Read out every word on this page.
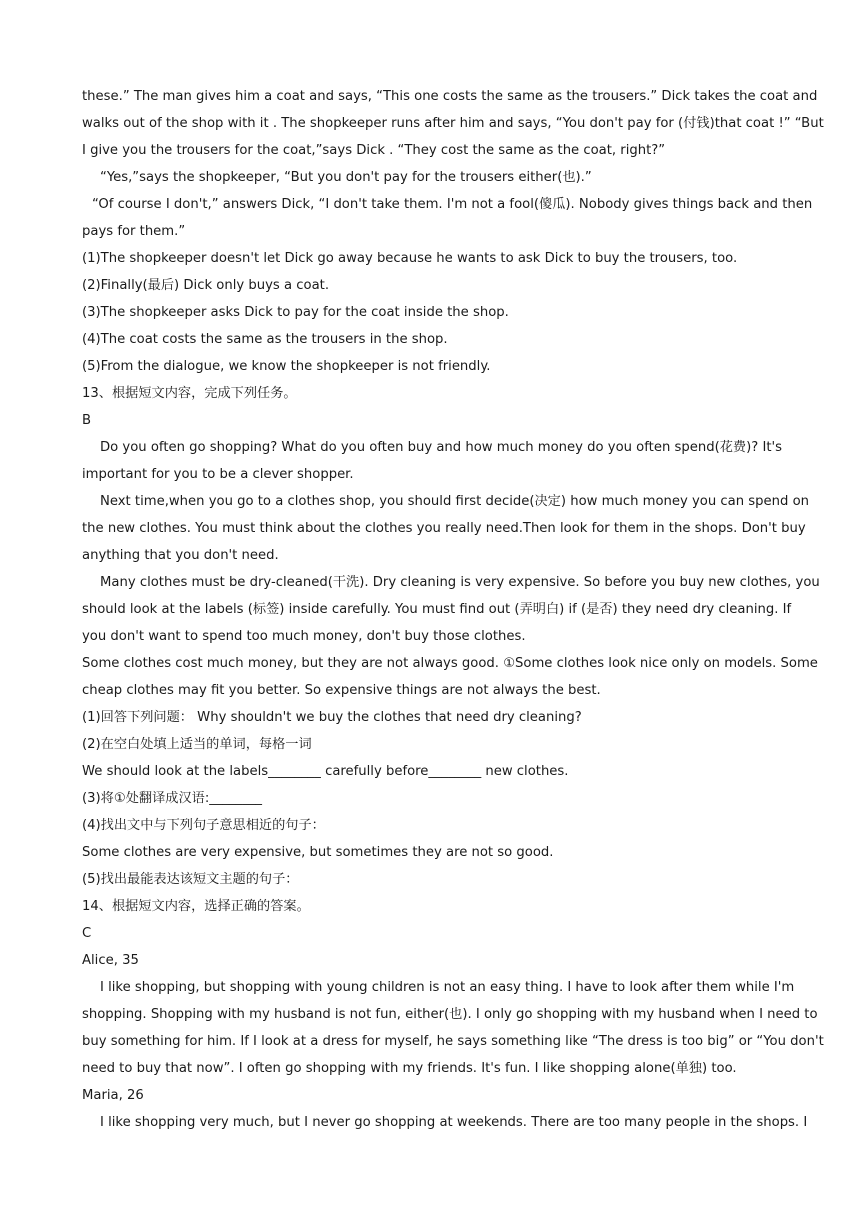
these.” The man gives him a coat and says, “This one costs the same as the trousers.” Dick takes the coat and
walks out of the shop with it . The shopkeeper runs after him and says, “You don't pay for (付钱)that coat !” “But
I give you the trousers for the coat,”says Dick . “They cost the same as the coat, right?”
“Yes,”says the shopkeeper, “But you don't pay for the trousers either(也).”
“Of course I don't,” answers Dick, “I don't take them. I'm not a fool(傻瓜). Nobody gives things back and then
pays for them.”
(1)The shopkeeper doesn't let Dick go away because he wants to ask Dick to buy the trousers, too.
(2)Finally(最后) Dick only buys a coat.
(3)The shopkeeper asks Dick to pay for the coat inside the shop.
(4)The coat costs the same as the trousers in the shop.
(5)From the dialogue, we know the shopkeeper is not friendly.
13、根据短文内容，完成下列任务。
B
Do you often go shopping? What do you often buy and how much money do you often spend(花费)? It's
important for you to be a clever shopper.
Next time,when you go to a clothes shop, you should first decide(决定) how much money you can spend on
the new clothes. You must think about the clothes you really need.Then look for them in the shops. Don't buy
anything that you don't need.
Many clothes must be dry-cleaned(干洗). Dry cleaning is very expensive. So before you buy new clothes, you
should look at the labels (标签) inside carefully. You must find out (弄明白) if (是否) they need dry cleaning. If
you don't want to spend too much money, don't buy those clothes.
Some clothes cost much money, but they are not always good. ①Some clothes look nice only on models. Some
cheap clothes may fit you better. So expensive things are not always the best.
(1)回答下列问题： Why shouldn't we buy the clothes that need dry cleaning?
(2)在空白处填上适当的单词，每格一词
We should look at the labels________ carefully before________ new clothes.
(3)将①处翻译成汉语:________
(4)找出文中与下列句子意思相近的句子：
Some clothes are very expensive, but sometimes they are not so good.
(5)找出最能表达该短文主题的句子：
14、根据短文内容，选择正确的答案。
C
Alice, 35
I like shopping, but shopping with young children is not an easy thing. I have to look after them while I'm
shopping. Shopping with my husband is not fun, either(也). I only go shopping with my husband when I need to
buy something for him. If I look at a dress for myself, he says something like “The dress is too big” or “You don't
need to buy that now”. I often go shopping with my friends. It's fun. I like shopping alone(单独) too.
Maria, 26
I like shopping very much, but I never go shopping at weekends. There are too many people in the shops. I
